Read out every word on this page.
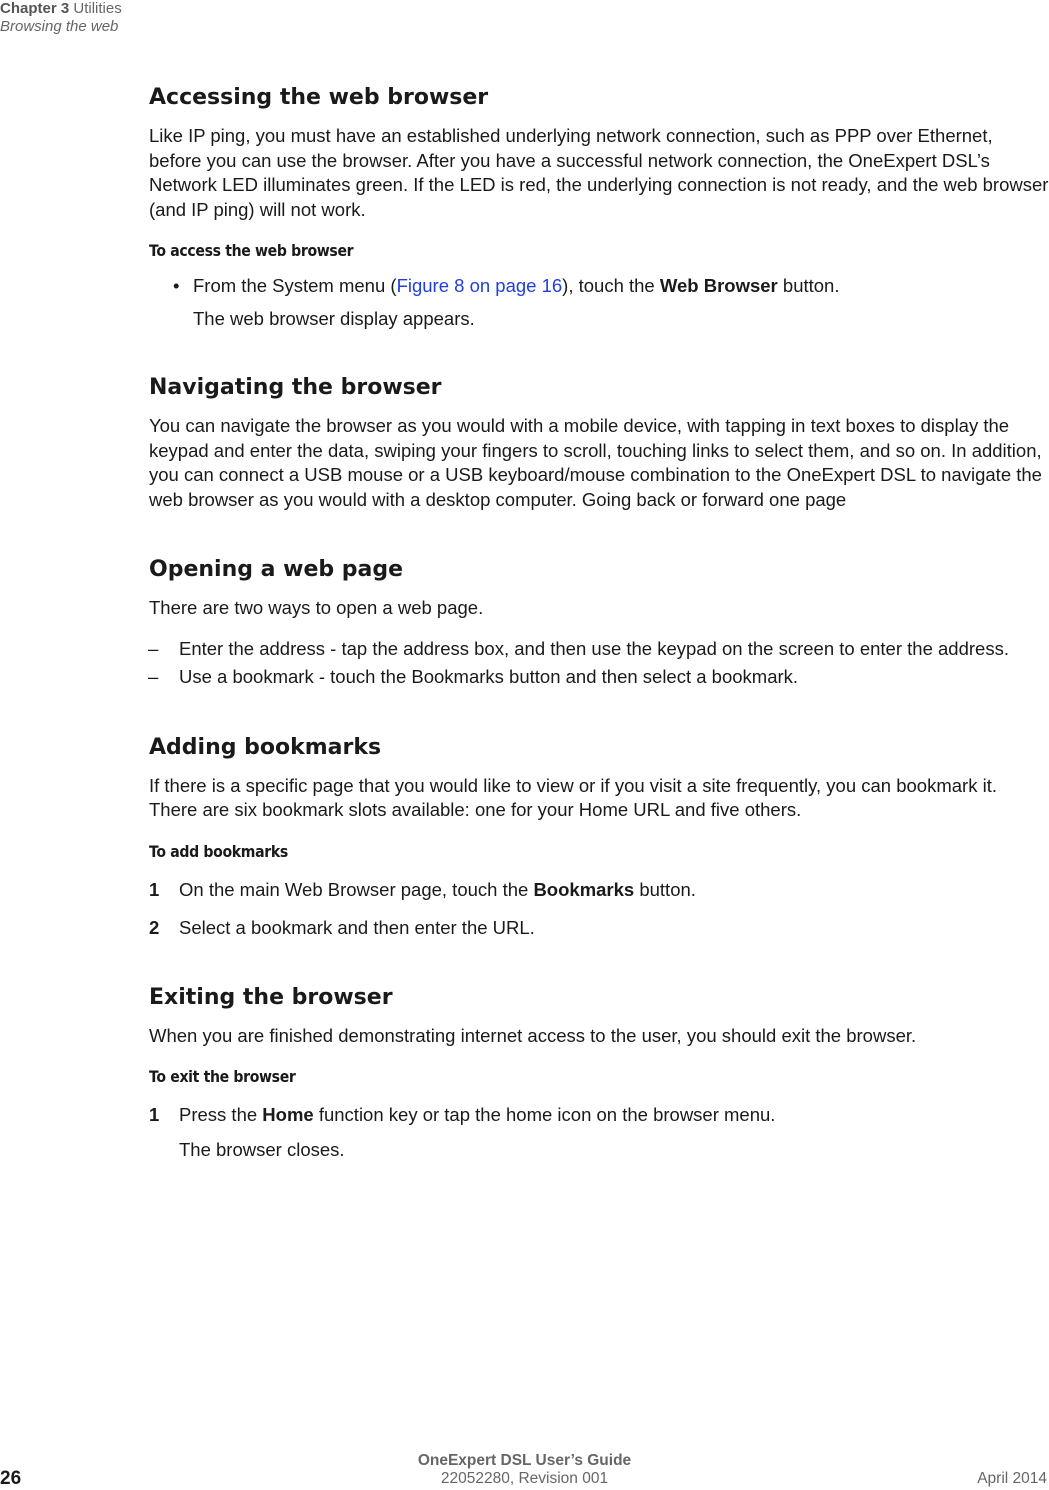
Chapter 3 Utilities
Browsing the web
Accessing the web browser

Like IP ping, you must have an established underlying network connection, such as PPP over Ethernet, before you can use the browser. After you have a successful network connection, the OneExpert DSL’s Network LED illuminates green. If the LED is red, the underlying connection is not ready, and the web browser (and IP ping) will not work.

To access the web browser
• From the System menu (Figure 8 on page 16), touch the Web Browser button.
The web browser display appears.
Navigating the browser

You can navigate the browser as you would with a mobile device, with tapping in text boxes to display the keypad and enter the data, swiping your fingers to scroll, touching links to select them, and so on. In addition, you can connect a USB mouse or a USB keyboard/mouse combination to the OneExpert DSL to navigate the web browser as you would with a desktop computer. Going back or forward one page

Opening a web page

There are two ways to open a web page.

–	Enter the address - tap the address box, and then use the keypad on the screen to enter the address.
–	Use a bookmark - touch the Bookmarks button and then select a bookmark.
Adding bookmarks

If there is a specific page that you would like to view or if you visit a site frequently, you can bookmark it. There are six bookmark slots available: one for your Home URL and five others.

To add bookmarks
1	On the main Web Browser page, touch the Bookmarks button.
2	Select a bookmark and then enter the URL.
Exiting the browser

When you are finished demonstrating internet access to the user, you should exit the browser.

To exit the browser
1	Press the Home function key or tap the home icon on the browser menu.
The browser closes.
OneExpert DSL User’s Guide
26	22052280, Revision 001	April 2014
